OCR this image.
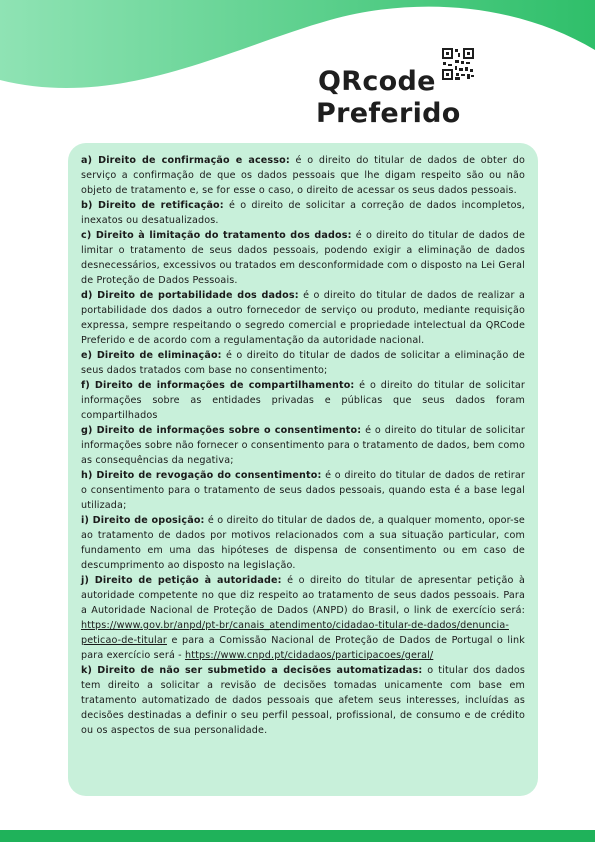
QRcode
Preferido

a) Direito de confirmação e acesso: é o direito do titular de dados de obter do serviço a confirmação de que os dados pessoais que lhe digam respeito são ou não objeto de tratamento e, se for esse o caso, o direito de acessar os seus dados pessoais.

b) Direito de retificação: é o direito de solicitar a correção de dados incompletos, inexatos ou desatualizados.

c) Direito à limitação do tratamento dos dados: é o direito do titular de dados de limitar o tratamento de seus dados pessoais, podendo exigir a eliminação de dados desnecessários, excessivos ou tratados em desconformidade com o disposto na Lei Geral de Proteção de Dados Pessoais.

d) Direito de portabilidade dos dados: é o direito do titular de dados de realizar a portabilidade dos dados a outro fornecedor de serviço ou produto, mediante requisição expressa, sempre respeitando o segredo comercial e propriedade intelectual da QRCode Preferido e de acordo com a regulamentação da autoridade nacional.

e) Direito de eliminação: é o direito do titular de dados de solicitar a eliminação de seus dados tratados com base no consentimento;

f) Direito de informações de compartilhamento: é o direito do titular de solicitar informações sobre as entidades privadas e públicas que seus dados foram compartilhados

g) Direito de informações sobre o consentimento: é o direito do titular de solicitar informações sobre não fornecer o consentimento para o tratamento de dados, bem como as consequências da negativa;

h) Direito de revogação do consentimento: é o direito do titular de dados de retirar o consentimento para o tratamento de seus dados pessoais, quando esta é a base legal utilizada;

i) Direito de oposição: é o direito do titular de dados de, a qualquer momento, opor-se ao tratamento de dados por motivos relacionados com a sua situação particular, com fundamento em uma das hipóteses de dispensa de consentimento ou em caso de descumprimento ao disposto na legislação.

j) Direito de petição à autoridade: é o direito do titular de apresentar petição à autoridade competente no que diz respeito ao tratamento de seus dados pessoais. Para a Autoridade Nacional de Proteção de Dados (ANPD) do Brasil, o link de exercício será: https://www.gov.br/anpd/pt-br/canais_atendimento/cidadao-titular-de-dados/denuncia-peticao-de-titular e para a Comissão Nacional de Proteção de Dados de Portugal o link para exercício será - https://www.cnpd.pt/cidadaos/participacoes/geral/

k) Direito de não ser submetido a decisões automatizadas: o titular dos dados tem direito a solicitar a revisão de decisões tomadas unicamente com base em tratamento automatizado de dados pessoais que afetem seus interesses, incluídas as decisões destinadas a definir o seu perfil pessoal, profissional, de consumo e de crédito ou os aspectos de sua personalidade.
